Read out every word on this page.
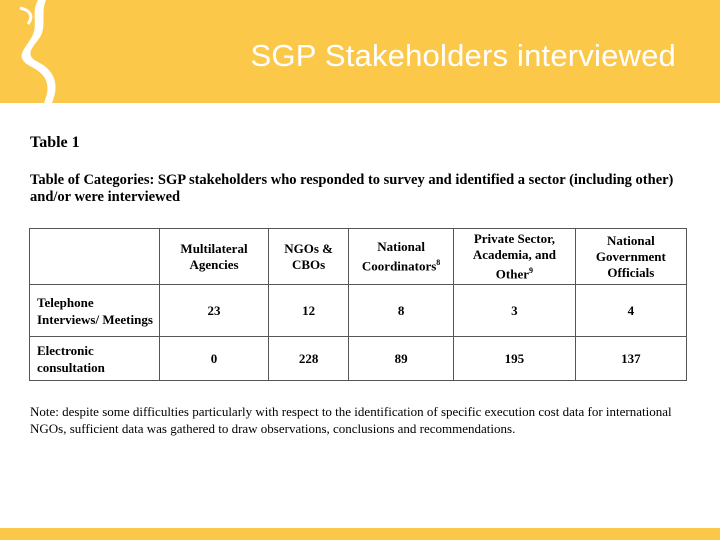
SGP Stakeholders interviewed
Table 1
Table of Categories: SGP stakeholders who responded to survey and identified a sector (including other) and/or were interviewed
	Multilateral Agencies	NGOs & CBOs	National Coordinators$^8$	Private Sector, Academia, and Other$^9$	National Government Officials
Telephone Interviews/ Meetings	23	12	8	3	4
Electronic consultation	0	228	89	195	137
Note: despite some difficulties particularly with respect to the identification of specific execution cost data for international NGOs, sufficient data was gathered to draw observations, conclusions and recommendations.
